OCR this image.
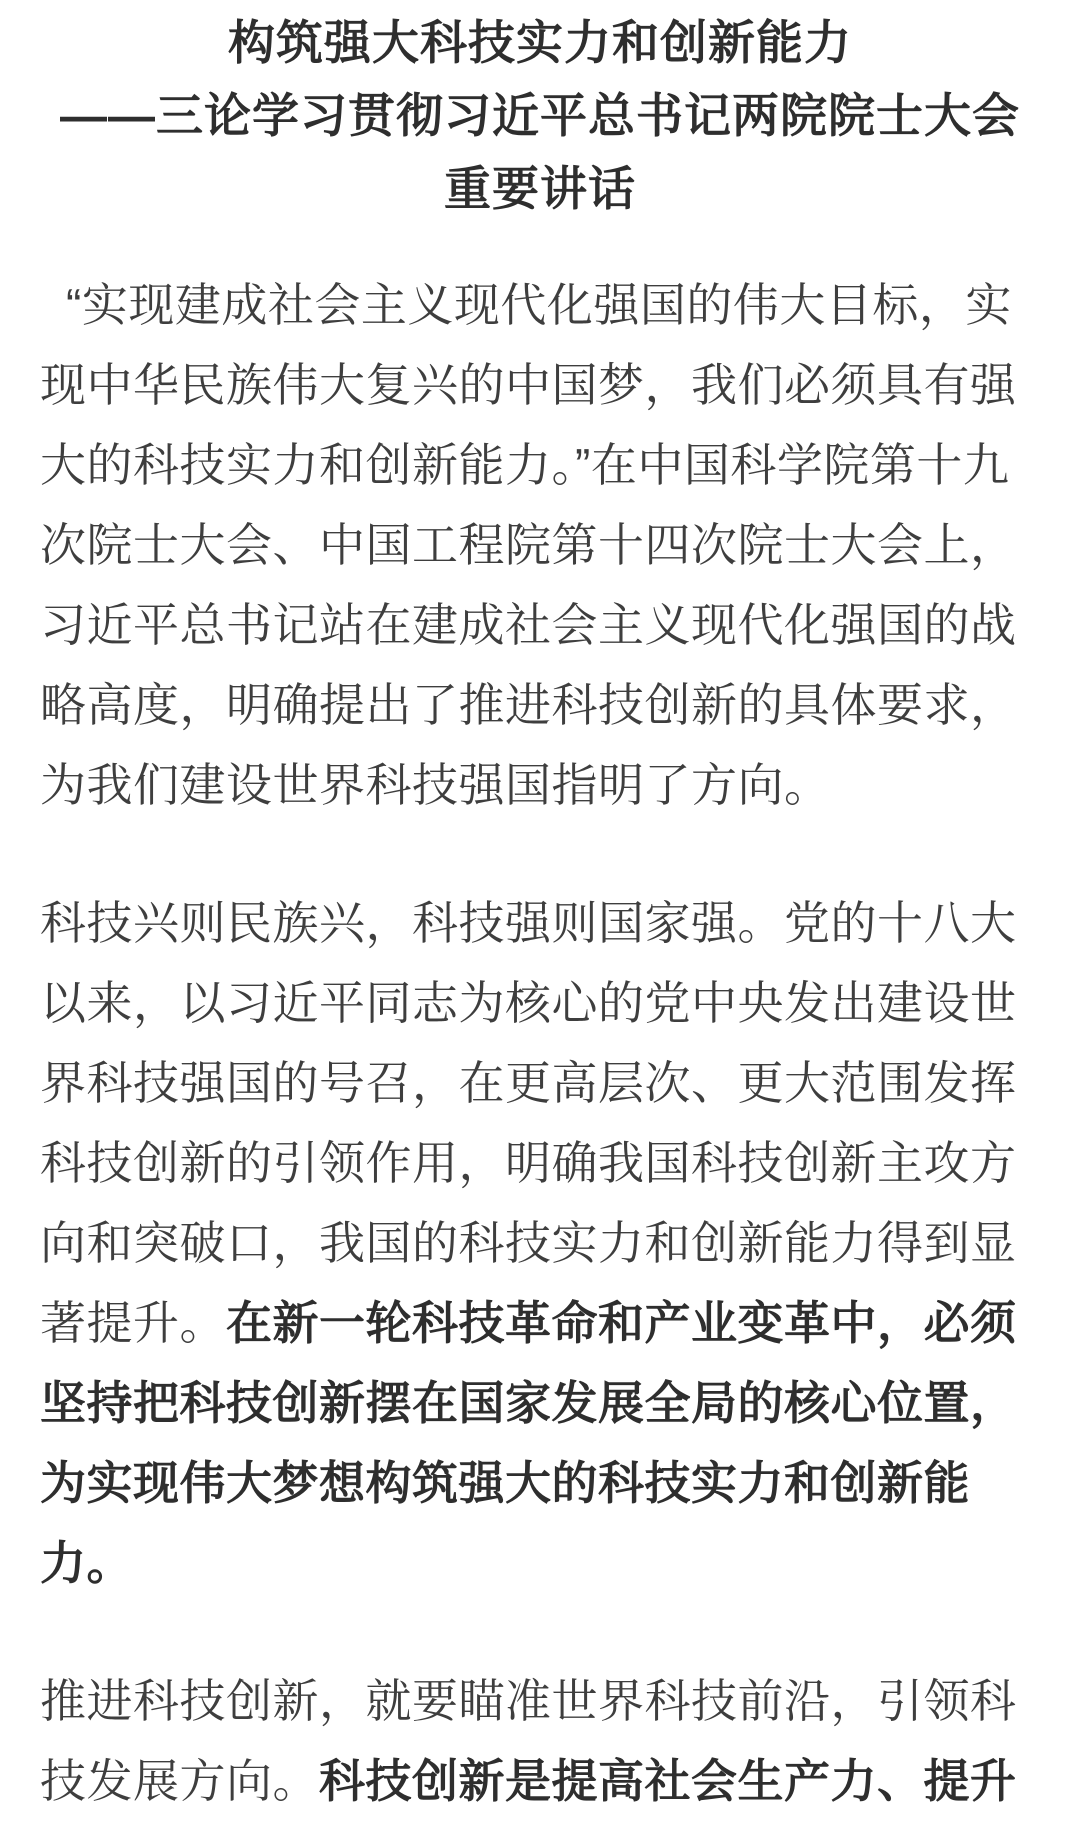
构筑强大科技实力和创新能力
——三论学习贯彻习近平总书记两院院士大会重要讲话

“实现建成社会主义现代化强国的伟大目标，实现中华民族伟大复兴的中国梦，我们必须具有强大的科技实力和创新能力。”在中国科学院第十九次院士大会、中国工程院第十四次院士大会上，习近平总书记站在建成社会主义现代化强国的战略高度，明确提出了推进科技创新的具体要求，为我们建设世界科技强国指明了方向。

科技兴则民族兴，科技强则国家强。党的十八大以来，以习近平同志为核心的党中央发出建设世界科技强国的号召，在更高层次、更大范围发挥科技创新的引领作用，明确我国科技创新主攻方向和突破口，我国的科技实力和创新能力得到显著提升。在新一轮科技革命和产业变革中，必须坚持把科技创新摆在国家发展全局的核心位置，为实现伟大梦想构筑强大的科技实力和创新能力。

推进科技创新，就要瞄准世界科技前沿，引领科技发展方向。科技创新是提高社会生产力、提升
